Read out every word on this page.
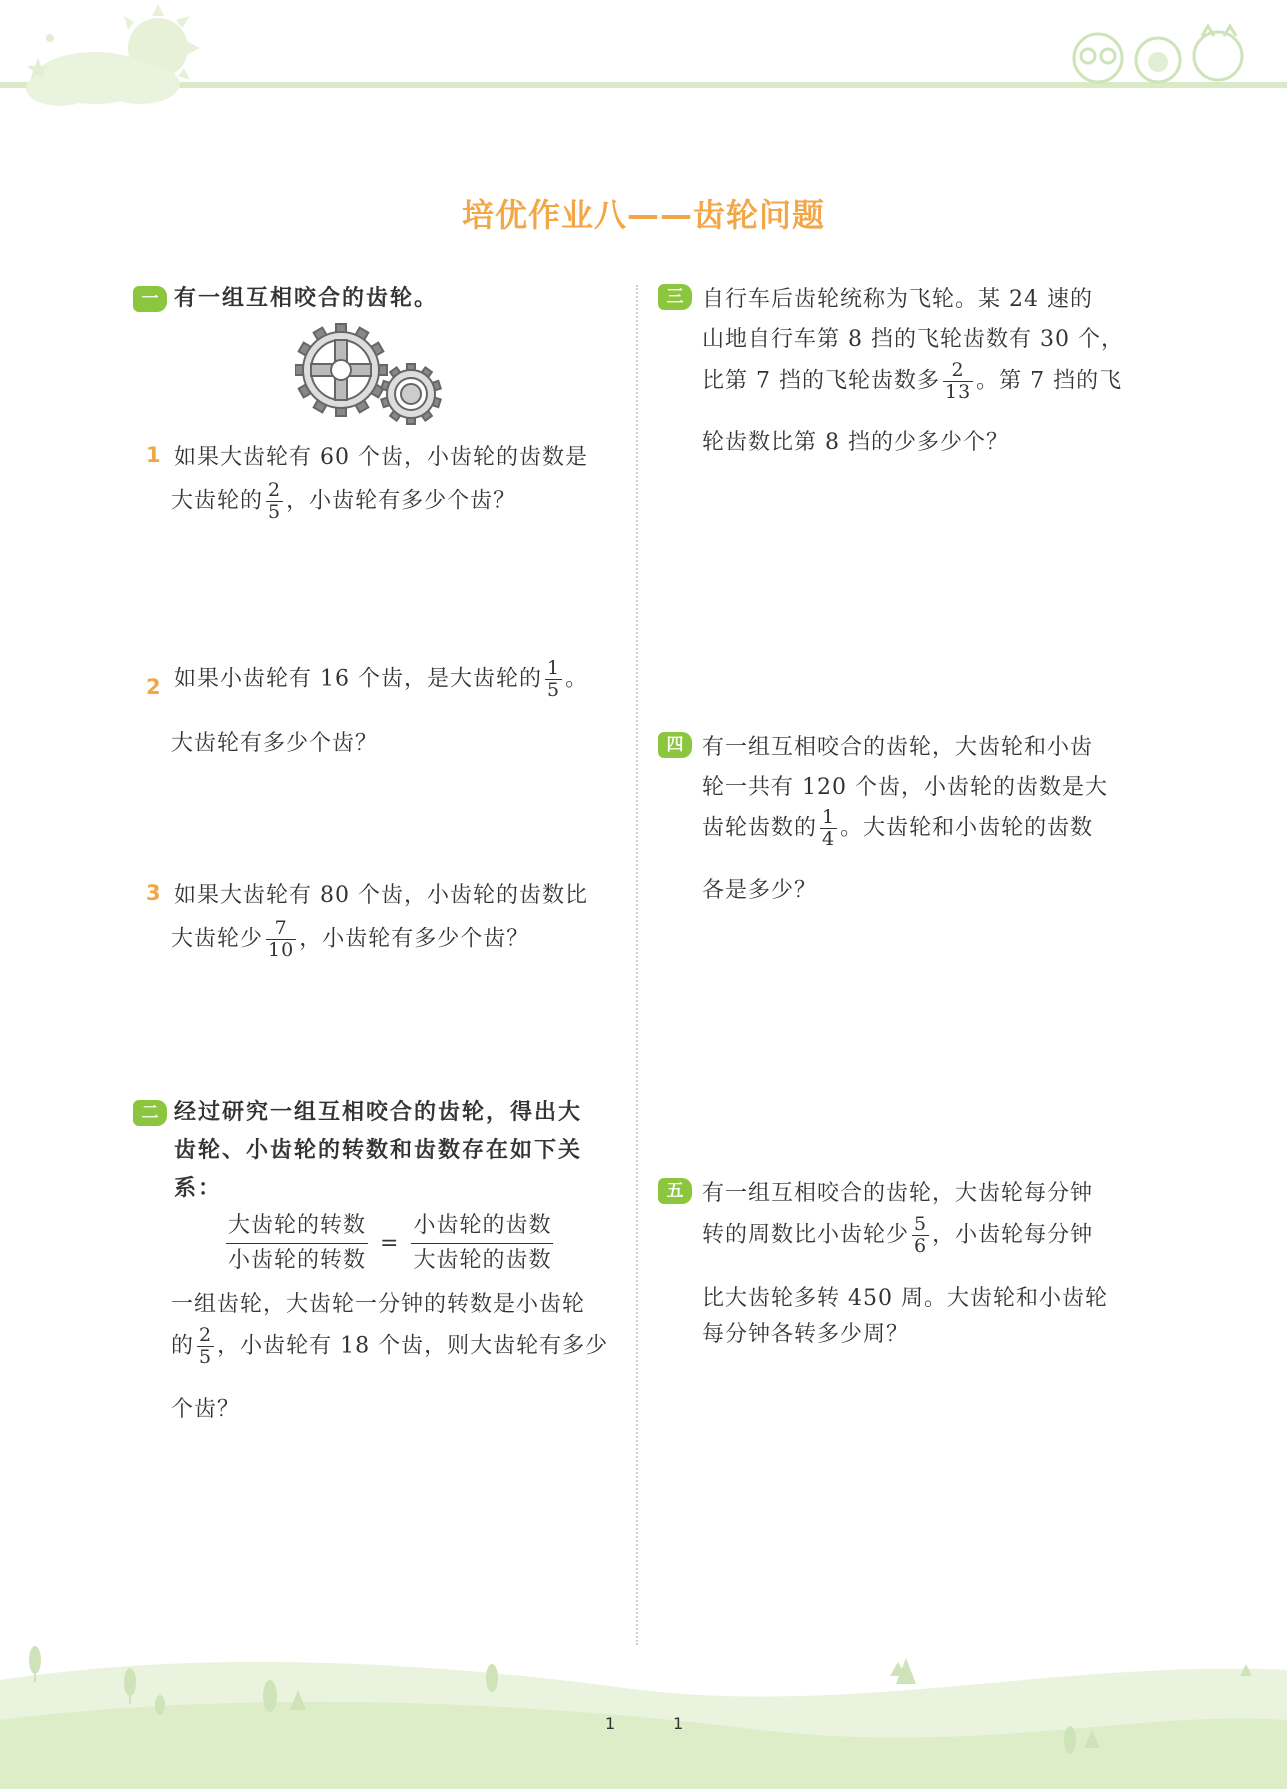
培优作业八——齿轮问题
一 有一组互相咬合的齿轮。
1 如果大齿轮有 60 个齿，小齿轮的齿数是
大齿轮的 $\frac{2}{5}$ ，小齿轮有多少个齿？
2 如果小齿轮有 16 个齿，是大齿轮的 $\frac{1}{5}$ 。
大齿轮有多少个齿？
3 如果大齿轮有 80 个齿，小齿轮的齿数比
大齿轮少 $\frac{7}{10}$ ，小齿轮有多少个齿？
二 经过研究一组互相咬合的齿轮，得出大
齿轮、小齿轮的转数和齿数存在如下关
系：
大齿轮的转数
小齿轮的转数
=
小齿轮的齿数
大齿轮的齿数
一组齿轮，大齿轮一分钟的转数是小齿轮
的 $\frac{2}{5}$ ，小齿轮有 18 个齿，则大齿轮有多少
个齿？
三 自行车后齿轮统称为飞轮。某 24 速的
山地自行车第 8 挡的飞轮齿数有 30 个，
比第 7 挡的飞轮齿数多 $\frac{2}{13}$ 。第 7 挡的飞
轮齿数比第 8 挡的少多少个？
四 有一组互相咬合的齿轮，大齿轮和小齿
轮一共有 120 个齿，小齿轮的齿数是大
齿轮齿数的 $\frac{1}{4}$ 。大齿轮和小齿轮的齿数
各是多少？
五 有一组互相咬合的齿轮，大齿轮每分钟
转的周数比小齿轮少 $\frac{5}{6}$ ，小齿轮每分钟
比大齿轮多转 450 周。大齿轮和小齿轮
每分钟各转多少周？
1	1
